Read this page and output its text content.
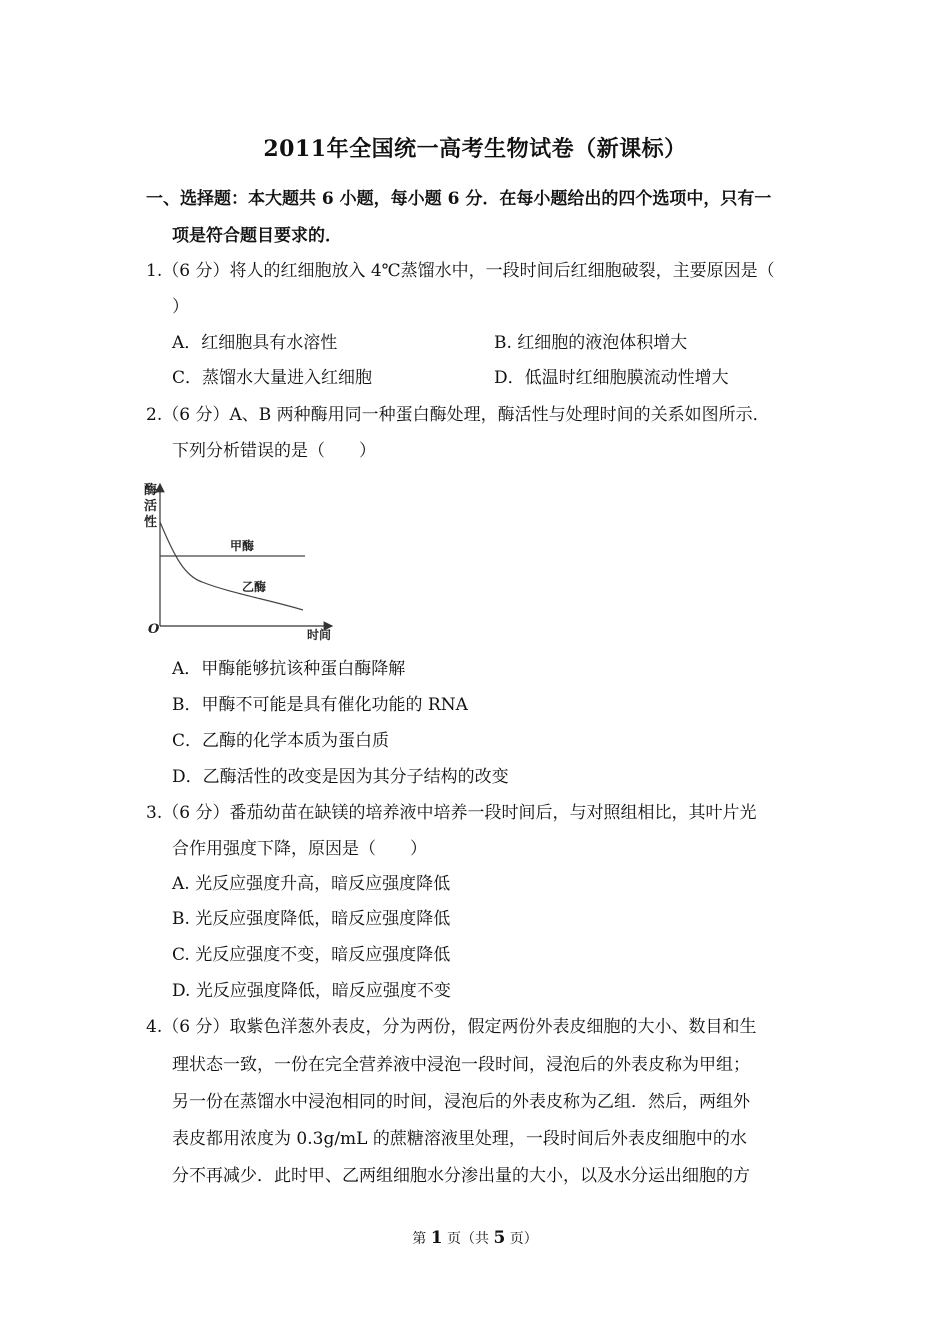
2011年全国统一高考生物试卷（新课标）
一、选择题：本大题共 6 小题，每小题 6 分．在每小题给出的四个选项中，只有一
项是符合题目要求的．
1.（6 分）将人的红细胞放入 4℃蒸馏水中，一段时间后红细胞破裂，主要原因是（
）
A．红细胞具有水溶性	B. 红细胞的液泡体积增大
C．蒸馏水大量进入红细胞	D．低温时红细胞膜流动性增大
2.（6 分）A、B 两种酶用同一种蛋白酶处理，酶活性与处理时间的关系如图所示．
下列分析错误的是（　　）
酶
活
性
O	时间
甲酶
乙酶
A．甲酶能够抗该种蛋白酶降解
B．甲酶不可能是具有催化功能的 RNA
C．乙酶的化学本质为蛋白质
D．乙酶活性的改变是因为其分子结构的改变
3.（6 分）番茄幼苗在缺镁的培养液中培养一段时间后，与对照组相比，其叶片光
合作用强度下降，原因是（　　）
A. 光反应强度升高，暗反应强度降低
B. 光反应强度降低，暗反应强度降低
C. 光反应强度不变，暗反应强度降低
D. 光反应强度降低，暗反应强度不变
4.（6 分）取紫色洋葱外表皮，分为两份，假定两份外表皮细胞的大小、数目和生
理状态一致，一份在完全营养液中浸泡一段时间，浸泡后的外表皮称为甲组；
另一份在蒸馏水中浸泡相同的时间，浸泡后的外表皮称为乙组．然后，两组外
表皮都用浓度为 0.3g/mL 的蔗糖溶液里处理，一段时间后外表皮细胞中的水
分不再减少．此时甲、乙两组细胞水分渗出量的大小，以及水分运出细胞的方
第 1 页（共 5 页）
